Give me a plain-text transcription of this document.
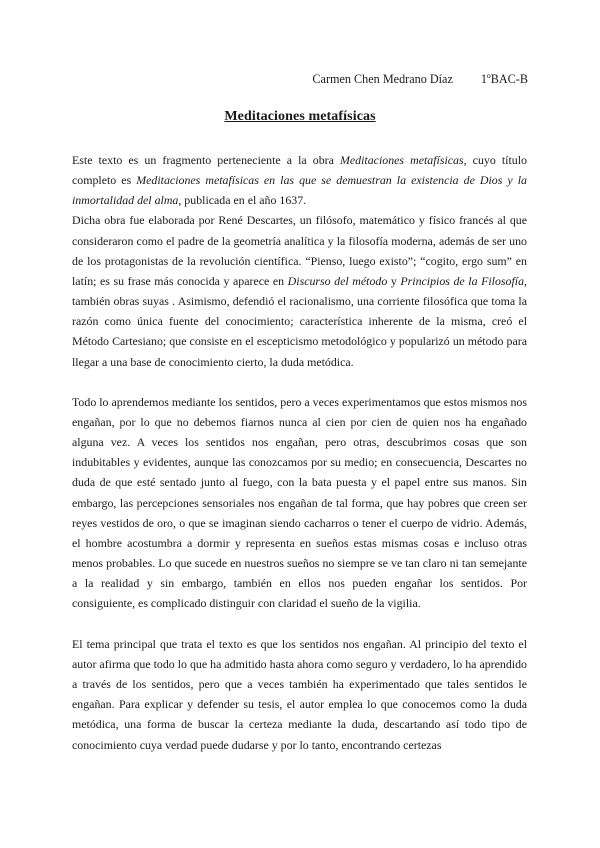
Carmen Chen Medrano Díaz 1ºBAC-B
Meditaciones metafísicas

Este texto es un fragmento perteneciente a la obra Meditaciones metafísicas, cuyo título completo es Meditaciones metafísicas en las que se demuestran la existencia de Dios y la inmortalidad del alma, publicada en el año 1637.

Dicha obra fue elaborada por René Descartes, un filósofo, matemático y físico francés al que consideraron como el padre de la geometría analítica y la filosofía moderna, además de ser uno de los protagonistas de la revolución científica. “Pienso, luego existo”; “cogito, ergo sum” en latín; es su frase más conocida y aparece en Discurso del método y Principios de la Filosofía, también obras suyas . Asimismo, defendió el racionalismo, una corriente filosófica que toma la razón como única fuente del conocimiento; característica inherente de la misma, creó el Método Cartesiano; que consiste en el escepticismo metodológico y popularizó un método para llegar a una base de conocimiento cierto, la duda metódica.

Todo lo aprendemos mediante los sentidos, pero a veces experimentamos que estos mismos nos engañan, por lo que no debemos fiarnos nunca al cien por cien de quien nos ha engañado alguna vez. A veces los sentidos nos engañan, pero otras, descubrimos cosas que son indubitables y evidentes, aunque las conozcamos por su medio; en consecuencia, Descartes no duda de que esté sentado junto al fuego, con la bata puesta y el papel entre sus manos. Sin embargo, las percepciones sensoriales nos engañan de tal forma, que hay pobres que creen ser reyes vestidos de oro, o que se imaginan siendo cacharros o tener el cuerpo de vidrio. Además, el hombre acostumbra a dormir y representa en sueños estas mismas cosas e incluso otras menos probables. Lo que sucede en nuestros sueños no siempre se ve tan claro ni tan semejante a la realidad y sin embargo, también en ellos nos pueden engañar los sentidos. Por consiguiente, es complicado distinguir con claridad el sueño de la vigilia.

El tema principal que trata el texto es que los sentidos nos engañan. Al principio del texto el autor afirma que todo lo que ha admitido hasta ahora como seguro y verdadero, lo ha aprendido a través de los sentidos, pero que a veces también ha experimentado que tales sentidos le engañan. Para explicar y defender su tesis, el autor emplea lo que conocemos como la duda metódica, una forma de buscar la certeza mediante la duda, descartando así todo tipo de conocimiento cuya verdad puede dudarse y por lo tanto, encontrando certezas
